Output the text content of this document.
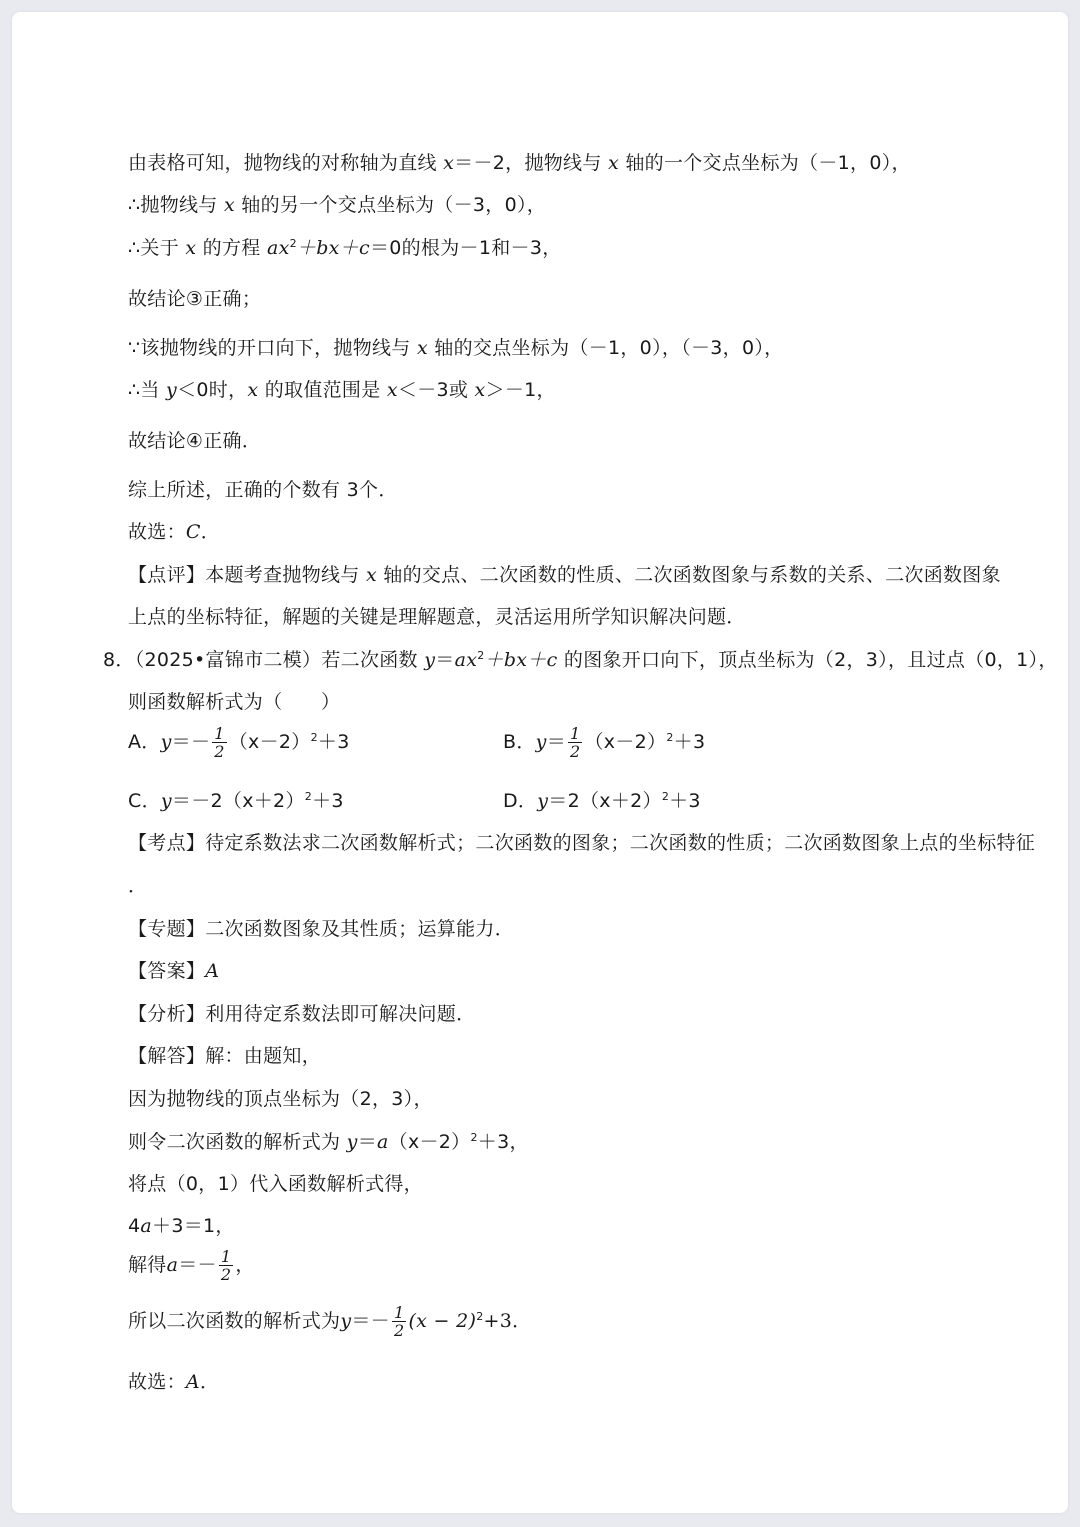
由表格可知，抛物线的对称轴为直线 x＝－2，抛物线与 x 轴的一个交点坐标为（－1，0），
∴抛物线与 x 轴的另一个交点坐标为（－3，0），
∴关于 x 的方程 $ax^2+bx+c=0$的根为－1和－3，
故结论③正确；
∵该抛物线的开口向下，抛物线与 x 轴的交点坐标为（－1，0），（－3，0），
∴当 y＜0时，x 的取值范围是 x＜－3或 x＞－1，
故结论④正确．
综上所述，正确的个数有 3个．
故选：C．
【点评】本题考查抛物线与 x 轴的交点、二次函数的性质、二次函数图象与系数的关系、二次函数图象
上点的坐标特征，解题的关键是理解题意，灵活运用所学知识解决问题．
8．（2025•富锦市二模）若二次函数 $y=ax^2+bx+c$ 的图象开口向下，顶点坐标为（2，3），且过点（0，1），
则函数解析式为（　　）
A． $y =- \frac{1}{2} (x-2)^2 +3$	B． $y = \frac{1}{2} (x-2)^2 +3$
C．$y=-2(x+2)^2+3$	D．$y=2(x+2)^2+3$
【考点】待定系数法求二次函数解析式；二次函数的图象；二次函数的性质；二次函数图象上点的坐标特征
．
【专题】二次函数图象及其性质；运算能力．
【答案】A
【分析】利用待定系数法即可解决问题．
【解答】解：由题知，
因为抛物线的顶点坐标为（2，3），
则令二次函数的解析式为 $y=a(x-2)^2+3$，
将点（0，1）代入函数解析式得，
4a＋3＝1，
解得 $a =- \frac{1}{2}$ ，
所以二次函数的解析式为 $y =- \frac{1}{2} (x - 2)^2 +3$ ．
故选：A．
